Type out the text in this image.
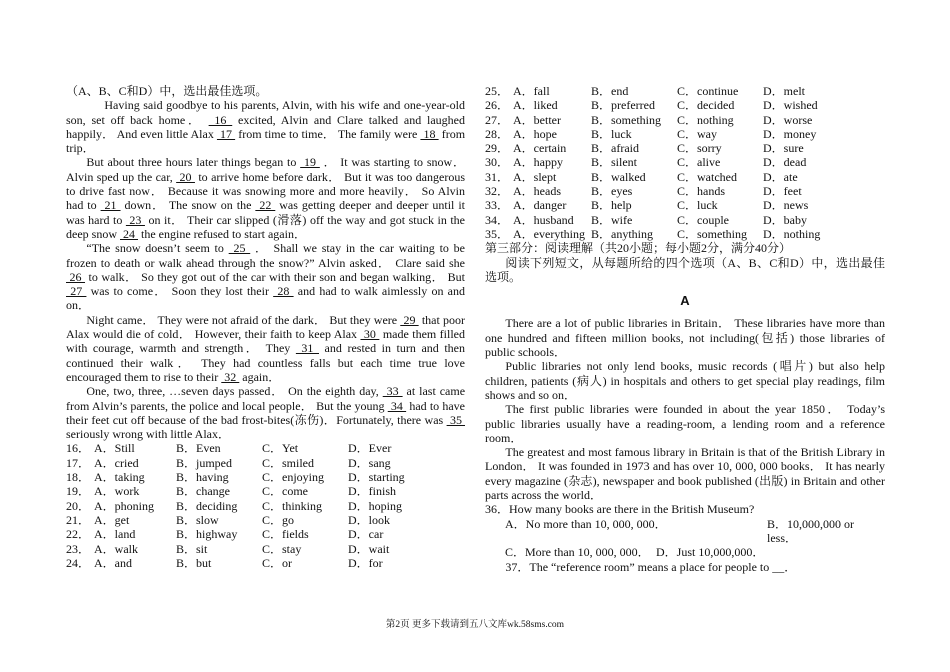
（A、B、C和D）中，选出最佳选项。

Having said goodbye to his parents, Alvin, with his wife and one-year-old son, set off back home．  16  excited, Alvin and Clare talked and laughed happily． And even little Alax  17  from time to time． The family were  18  from trip．

But about three hours later things began to  19  ． It was starting to snow． Alvin sped up the car,  20  to arrive home before dark． But it was too dangerous to drive fast now． Because it was snowing more and more heavily． So Alvin had to  21  down． The snow on the  22  was getting deeper and deeper until it was hard to  23  on it． Their car slipped (滑落) off the way and got stuck in the deep snow  24  the engine refused to start again．

“The snow doesn’t seem to  25  ． Shall we stay in the car waiting to be frozen to death or walk ahead through the snow?” Alvin asked． Clare said she  26  to walk． So they got out of the car with their son and began walking． But  27  was to come． Soon they lost their  28  and had to walk aimlessly on and on．

Night came． They were not afraid of the dark． But they were  29  that poor Alax would die of cold． However, their faith to keep Alax  30  made them filled with courage, warmth and strength． They  31  and rested in turn and then continued their walk． They had countless falls but each time true love encouraged them to rise to their  32  again．

One, two, three, …seven days passed． On the eighth day,  33  at last came from Alvin’s parents, the police and local people． But the young  34  had to have their feet cut off because of the bad frost-bites(冻伤)．Fortunately, there was  35  seriously wrong with little Alax．

16． A．Still	B．Even	C．Yet	D．Ever
17． A．cried	B．jumped	C．smiled	D．sang
18． A．taking	B．having	C．enjoying	D．starting
19． A．work	B．change	C．come	D．finish
20． A．phoning	B．deciding	C．thinking	D．hoping
21． A．get	B．slow	C．go	D．look
22． A．land	B．highway	C．fields	D．car
23． A．walk	B．sit	C．stay	D．wait
24． A．and	B．but	C．or	D．for
25． A．fall	B．end	C．continue	D．melt
26． A．liked	B．preferred	C．decided	D．wished
27． A．better	B．something	C．nothing	D．worse
28． A．hope	B．luck	C．way	D．money
29． A．certain	B．afraid	C．sorry	D．sure
30． A．happy	B．silent	C．alive	D．dead
31． A．slept	B．walked	C．watched	D．ate
32． A．heads	B．eyes	C．hands	D．feet
33． A．danger	B．help	C．luck	D．news
34． A．husband	B．wife	C．couple	D．baby
35． A．everything B．anything	C．something	D．nothing

第三部分：阅读理解（共20小题；每小题2分，满分40分）

阅读下列短文，从每题所给的四个选项（A、B、C和D）中，选出最佳选项。

A

There are a lot of public libraries in Britain． These libraries have more than one hundred and fifteen million books, not including(包括) those libraries of public schools．

Public libraries not only lend books, music records (唱片) but also help children, patients (病人) in hospitals and others to get special play readings, film shows and so on．

The first public libraries were founded in about the year 1850． Today’s public libraries usually have a reading-room, a lending room and a reference room．

The greatest and most famous library in Britain is that of the British Library in London． It was founded in 1973 and has over 10, 000, 000 books． It has nearly every magazine (杂志), newspaper and book published (出版) in Britain and other parts across the world．

36．How many books are there in the British Museum?

A．No more than 10, 000, 000．	B．10,000,000 or less．
C．More than 10, 000, 000． D．Just 10,000,000．

37．The “reference room” means a place for people to __．

第2页 更多下载请到五八文库wk.58sms.com
